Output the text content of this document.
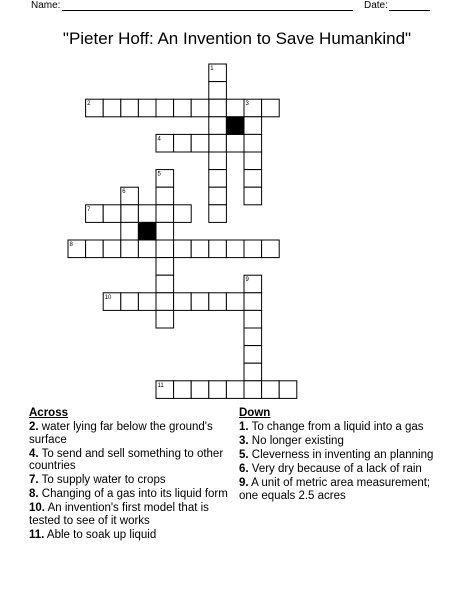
Name:	Date:
"Pieter Hoff: An Invention to Save Humankind"
1
2	3
4
5
6
7
8
9
10
11
Across
2. water lying far below the ground's surface
4. To send and sell something to other countries
7. To supply water to crops
8. Changing of a gas into its liquid form
10. An invention's first model that is tested to see of it works
11. Able to soak up liquid
Down
1. To change from a liquid into a gas
3. No longer existing
5. Cleverness in inventing an planning
6. Very dry because of a lack of rain
9. A unit of metric area measurement; one equals 2.5 acres
